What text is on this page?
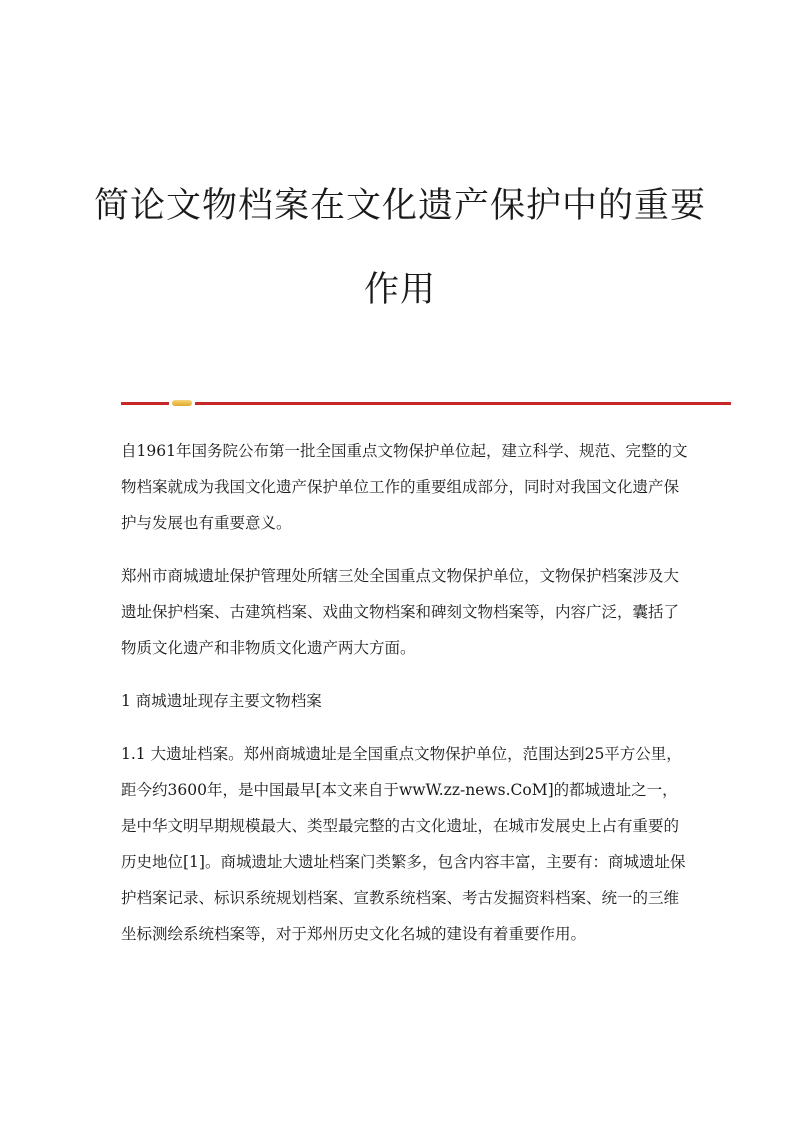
简论文物档案在文化遗产保护中的重要
作用

自1961年国务院公布第一批全国重点文物保护单位起，建立科学、规范、完整的文物档案就成为我国文化遗产保护单位工作的重要组成部分，同时对我国文化遗产保护与发展也有重要意义。

郑州市商城遗址保护管理处所辖三处全国重点文物保护单位，文物保护档案涉及大遗址保护档案、古建筑档案、戏曲文物档案和碑刻文物档案等，内容广泛，囊括了物质文化遗产和非物质文化遗产两大方面。

1 商城遗址现存主要文物档案

1.1 大遗址档案。郑州商城遗址是全国重点文物保护单位，范围达到25平方公里，距今约3600年，是中国最早[本文来自于wwW.zz-news.CoM]的都城遗址之一，是中华文明早期规模最大、类型最完整的古文化遗址，在城市发展史上占有重要的历史地位[1]。商城遗址大遗址档案门类繁多，包含内容丰富，主要有：商城遗址保护档案记录、标识系统规划档案、宣教系统档案、考古发掘资料档案、统一的三维坐标测绘系统档案等，对于郑州历史文化名城的建设有着重要作用。
